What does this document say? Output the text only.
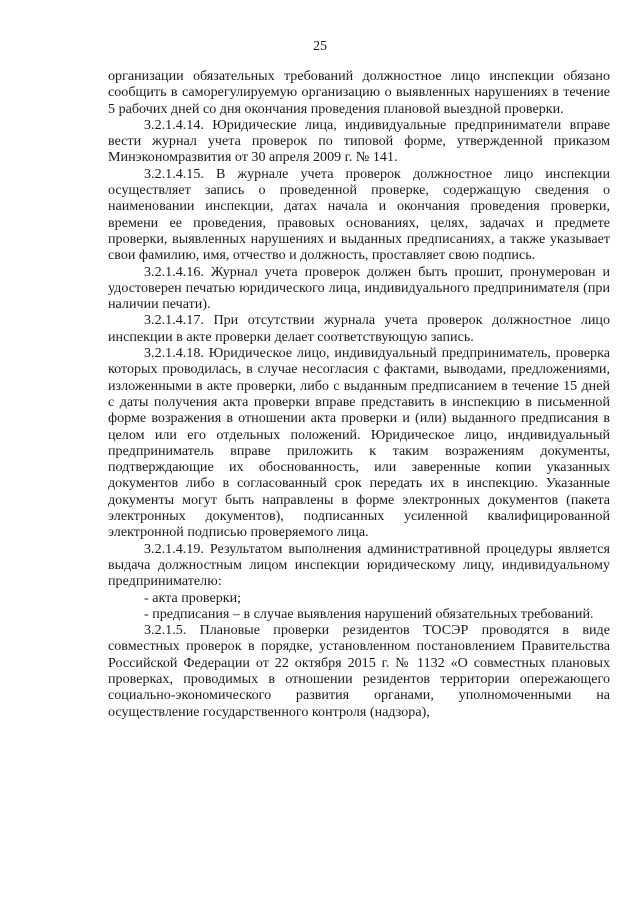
25

организации обязательных требований должностное лицо инспекции обязано сообщить в саморегулируемую организацию о выявленных нарушениях в течение 5 рабочих дней со дня окончания проведения плановой выездной проверки.

3.2.1.4.14. Юридические лица, индивидуальные предприниматели вправе вести журнал учета проверок по типовой форме, утвержденной приказом Минэкономразвития от 30 апреля 2009 г. № 141.

3.2.1.4.15. В журнале учета проверок должностное лицо инспекции осуществляет запись о проведенной проверке, содержащую сведения о наименовании инспекции, датах начала и окончания проведения проверки, времени ее проведения, правовых основаниях, целях, задачах и предмете проверки, выявленных нарушениях и выданных предписаниях, а также указывает свои фамилию, имя, отчество и должность, проставляет свою подпись.

3.2.1.4.16. Журнал учета проверок должен быть прошит, пронумерован и удостоверен печатью юридического лица, индивидуального предпринимателя (при наличии печати).

3.2.1.4.17. При отсутствии журнала учета проверок должностное лицо инспекции в акте проверки делает соответствующую запись.

3.2.1.4.18. Юридическое лицо, индивидуальный предприниматель, проверка которых проводилась, в случае несогласия с фактами, выводами, предложениями, изложенными в акте проверки, либо с выданным предписанием в течение 15 дней с даты получения акта проверки вправе представить в инспекцию в письменной форме возражения в отношении акта проверки и (или) выданного предписания в целом или его отдельных положений. Юридическое лицо, индивидуальный предприниматель вправе приложить к таким возражениям документы, подтверждающие их обоснованность, или заверенные копии указанных документов либо в согласованный срок передать их в инспекцию. Указанные документы могут быть направлены в форме электронных документов (пакета электронных документов), подписанных усиленной квалифицированной электронной подписью проверяемого лица.

3.2.1.4.19. Результатом выполнения административной процедуры является выдача должностным лицом инспекции юридическому лицу, индивидуальному предпринимателю:

- акта проверки;

- предписания – в случае выявления нарушений обязательных требований.

3.2.1.5. Плановые проверки резидентов ТОСЭР проводятся в виде совместных проверок в порядке, установленном постановлением Правительства Российской Федерации от 22 октября 2015 г. № 1132 «О совместных плановых проверках, проводимых в отношении резидентов территории опережающего социально-экономического развития органами, уполномоченными на осуществление государственного контроля (надзора),
